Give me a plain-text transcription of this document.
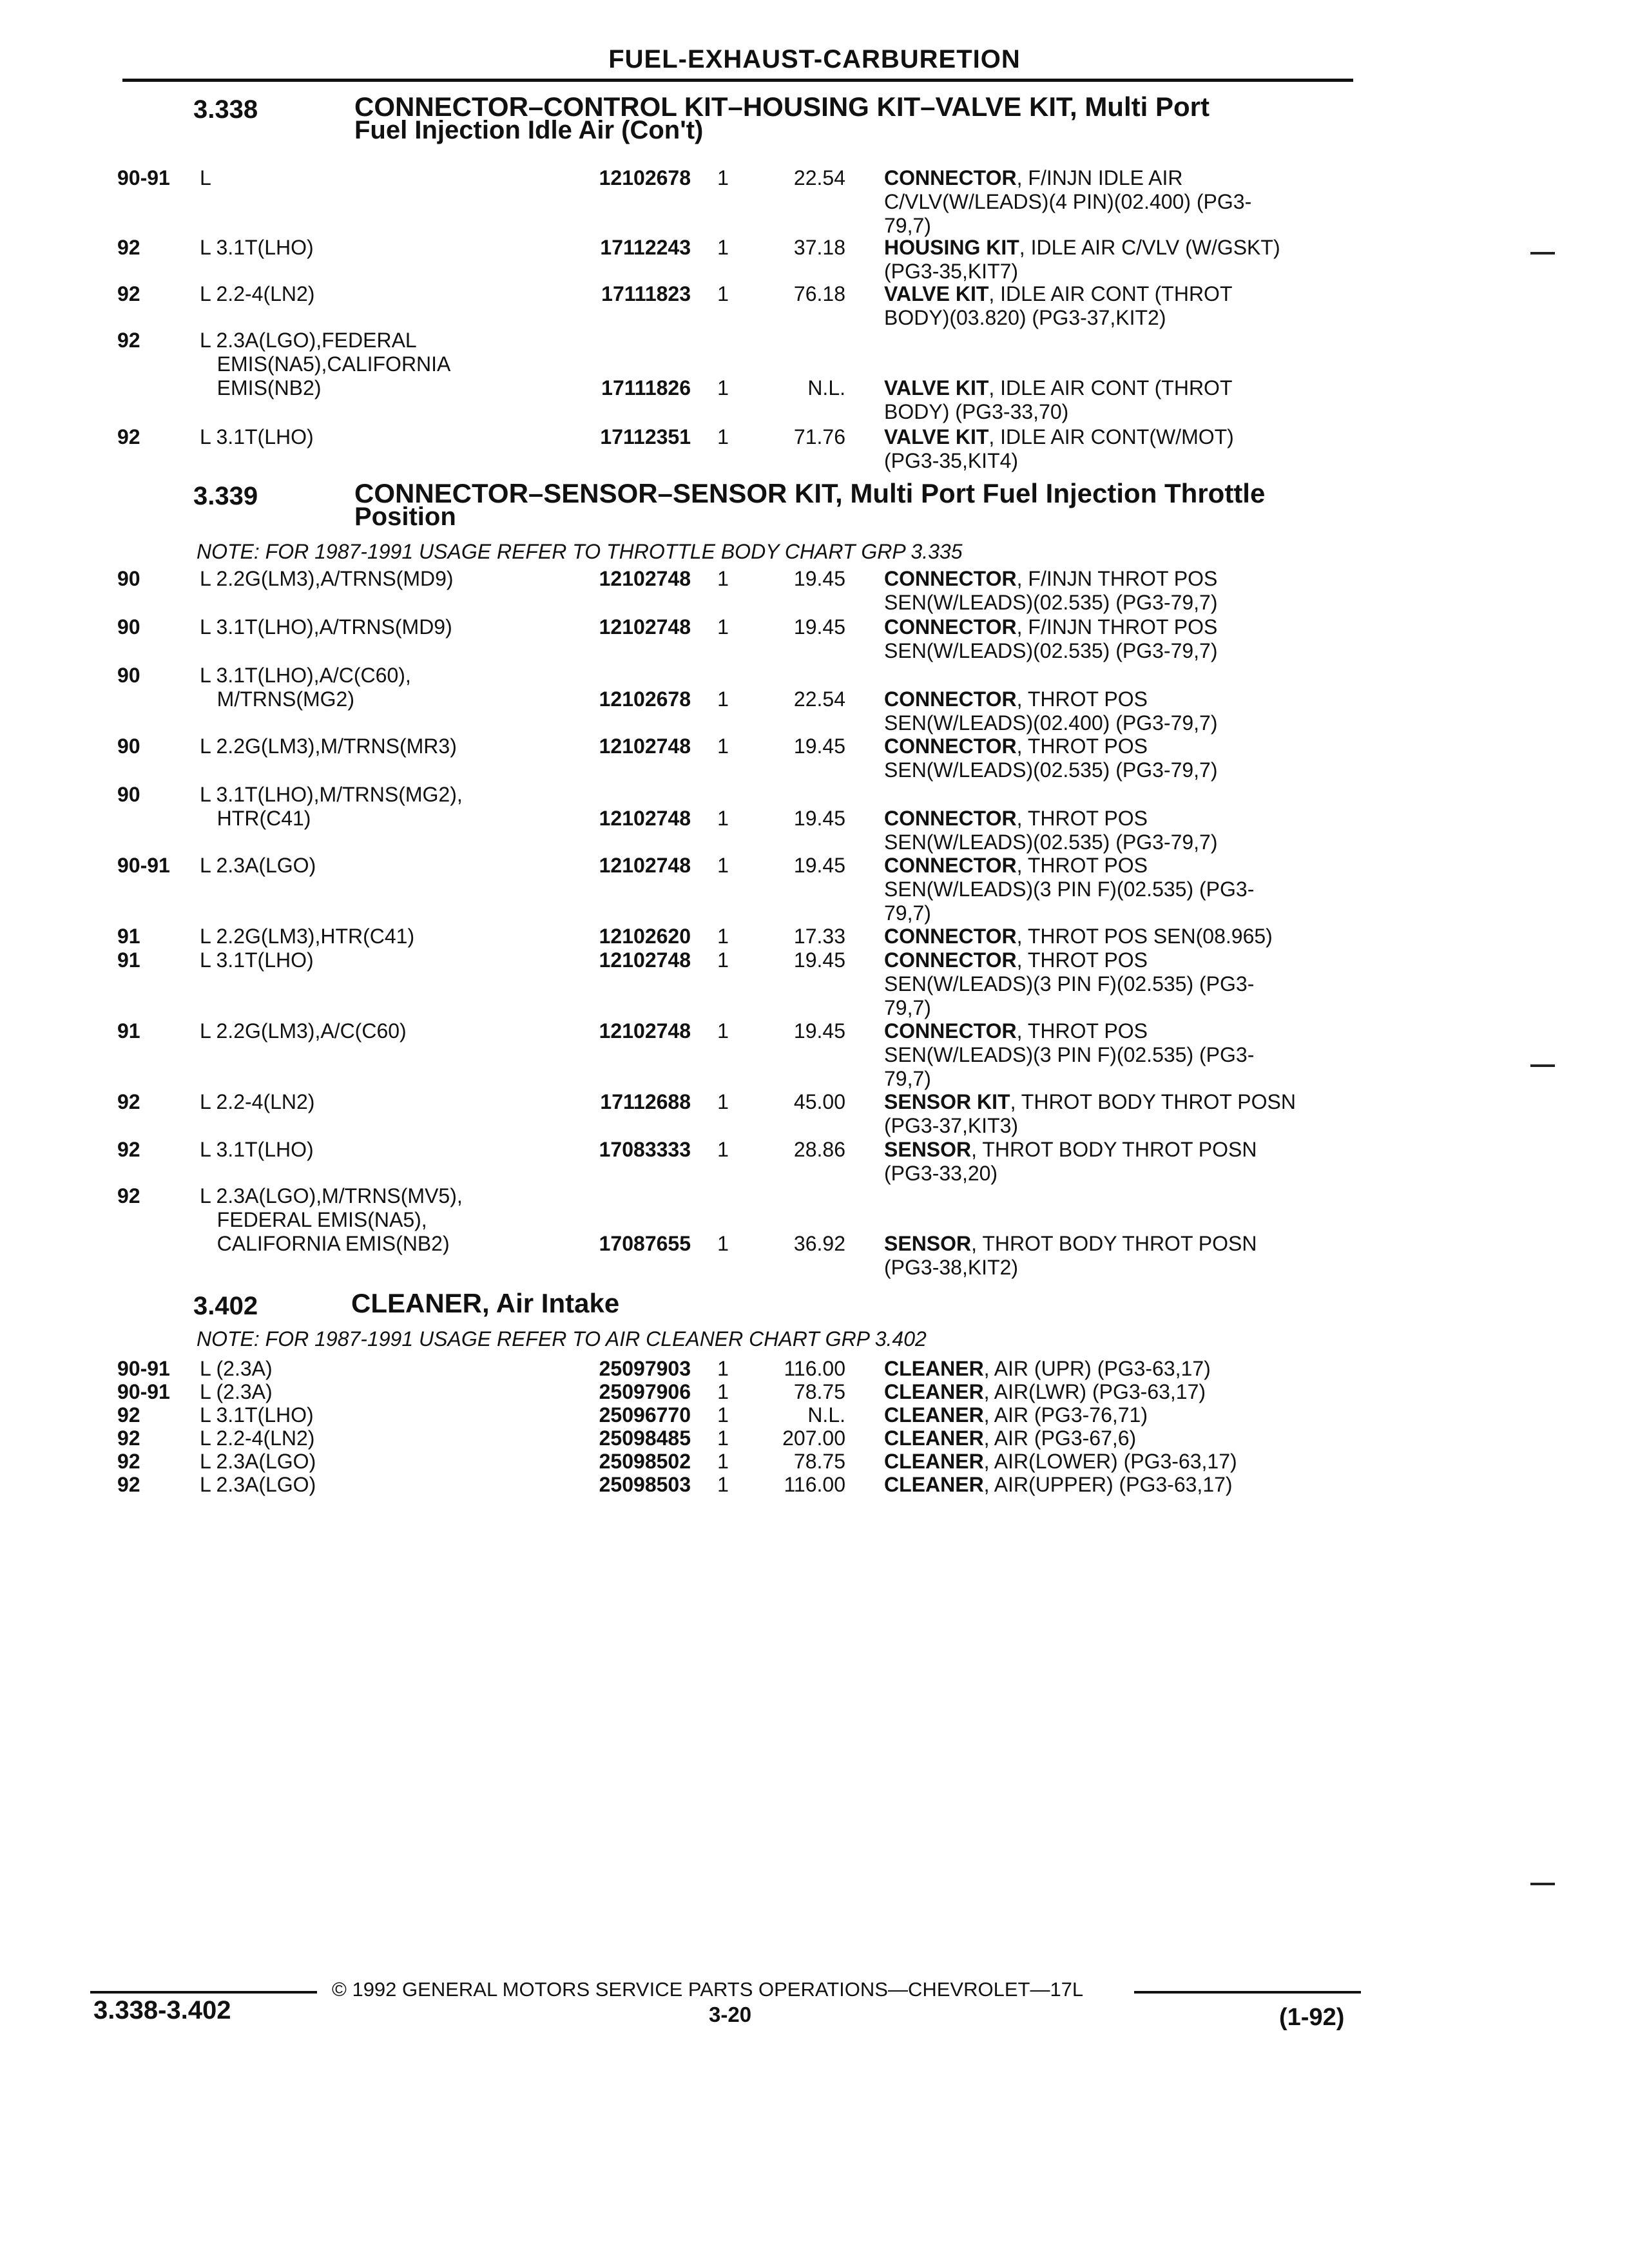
FUEL-EXHAUST-CARBURETION
3.338	CONNECTOR–CONTROL KIT–HOUSING KIT–VALVE KIT, Multi Port
Fuel Injection Idle Air (Con't)
90-91 L	12102678	1	22.54 CONNECTOR, F/INJN IDLE AIR
C/VLV(W/LEADS)(4 PIN)(02.400) (PG3-
79,7)
92	L 3.1T(LHO)	17112243	1	37.18 HOUSING KIT, IDLE AIR C/VLV (W/GSKT)
(PG3-35,KIT7)
92	L 2.2-4(LN2)	17111823	1	76.18 VALVE KIT, IDLE AIR CONT (THROT
BODY)(03.820) (PG3-37,KIT2)
92	L 2.3A(LGO),FEDERAL
EMIS(NA5),CALIFORNIA
EMIS(NB2)	17111826	1	N.L. VALVE KIT, IDLE AIR CONT (THROT
BODY) (PG3-33,70)
92	L 3.1T(LHO)	17112351	1	71.76 VALVE KIT, IDLE AIR CONT(W/MOT)
(PG3-35,KIT4)
3.339	CONNECTOR–SENSOR–SENSOR KIT, Multi Port Fuel Injection Throttle
Position
NOTE: FOR 1987-1991 USAGE REFER TO THROTTLE BODY CHART GRP 3.335
90	L 2.2G(LM3),A/TRNS(MD9)	12102748	1	19.45 CONNECTOR, F/INJN THROT POS
SEN(W/LEADS)(02.535) (PG3-79,7)
90	L 3.1T(LHO),A/TRNS(MD9)	12102748	1	19.45 CONNECTOR, F/INJN THROT POS
SEN(W/LEADS)(02.535) (PG3-79,7)
90	L 3.1T(LHO),A/C(C60),
M/TRNS(MG2)	12102678	1	22.54 CONNECTOR, THROT POS
SEN(W/LEADS)(02.400) (PG3-79,7)
90	L 2.2G(LM3),M/TRNS(MR3)	12102748	1	19.45 CONNECTOR, THROT POS
SEN(W/LEADS)(02.535) (PG3-79,7)
90	L 3.1T(LHO),M/TRNS(MG2),
HTR(C41)	12102748	1	19.45 CONNECTOR, THROT POS
SEN(W/LEADS)(02.535) (PG3-79,7)
90-91 L 2.3A(LGO)	12102748	1	19.45 CONNECTOR, THROT POS
SEN(W/LEADS)(3 PIN F)(02.535) (PG3-
79,7)
91	L 2.2G(LM3),HTR(C41)	12102620	1	17.33 CONNECTOR, THROT POS SEN(08.965)
91	L 3.1T(LHO)	12102748	1	19.45 CONNECTOR, THROT POS
SEN(W/LEADS)(3 PIN F)(02.535) (PG3-
79,7)
91	L 2.2G(LM3),A/C(C60)	12102748	1	19.45 CONNECTOR, THROT POS
SEN(W/LEADS)(3 PIN F)(02.535) (PG3-
79,7)
92	L 2.2-4(LN2)	17112688	1	45.00 SENSOR KIT, THROT BODY THROT POSN
(PG3-37,KIT3)
92	L 3.1T(LHO)	17083333	1	28.86 SENSOR, THROT BODY THROT POSN
(PG3-33,20)
92	L 2.3A(LGO),M/TRNS(MV5),
FEDERAL EMIS(NA5),
CALIFORNIA EMIS(NB2)	17087655	1	36.92 SENSOR, THROT BODY THROT POSN
(PG3-38,KIT2)
3.402	CLEANER, Air Intake
NOTE: FOR 1987-1991 USAGE REFER TO AIR CLEANER CHART GRP 3.402
90-91 L (2.3A)	25097903	1	116.00 CLEANER, AIR (UPR) (PG3-63,17)
90-91 L (2.3A)	25097906	1	78.75 CLEANER, AIR(LWR) (PG3-63,17)
92	L 3.1T(LHO)	25096770	1	N.L. CLEANER, AIR (PG3-76,71)
92	L 2.2-4(LN2)	25098485	1	207.00 CLEANER, AIR (PG3-67,6)
92	L 2.3A(LGO)	25098502	1	78.75 CLEANER, AIR(LOWER) (PG3-63,17)
92	L 2.3A(LGO)	25098503	1	116.00 CLEANER, AIR(UPPER) (PG3-63,17)
© 1992 GENERAL MOTORS SERVICE PARTS OPERATIONS—CHEVROLET—17L
3.338-3.402	3-20	(1-92)
